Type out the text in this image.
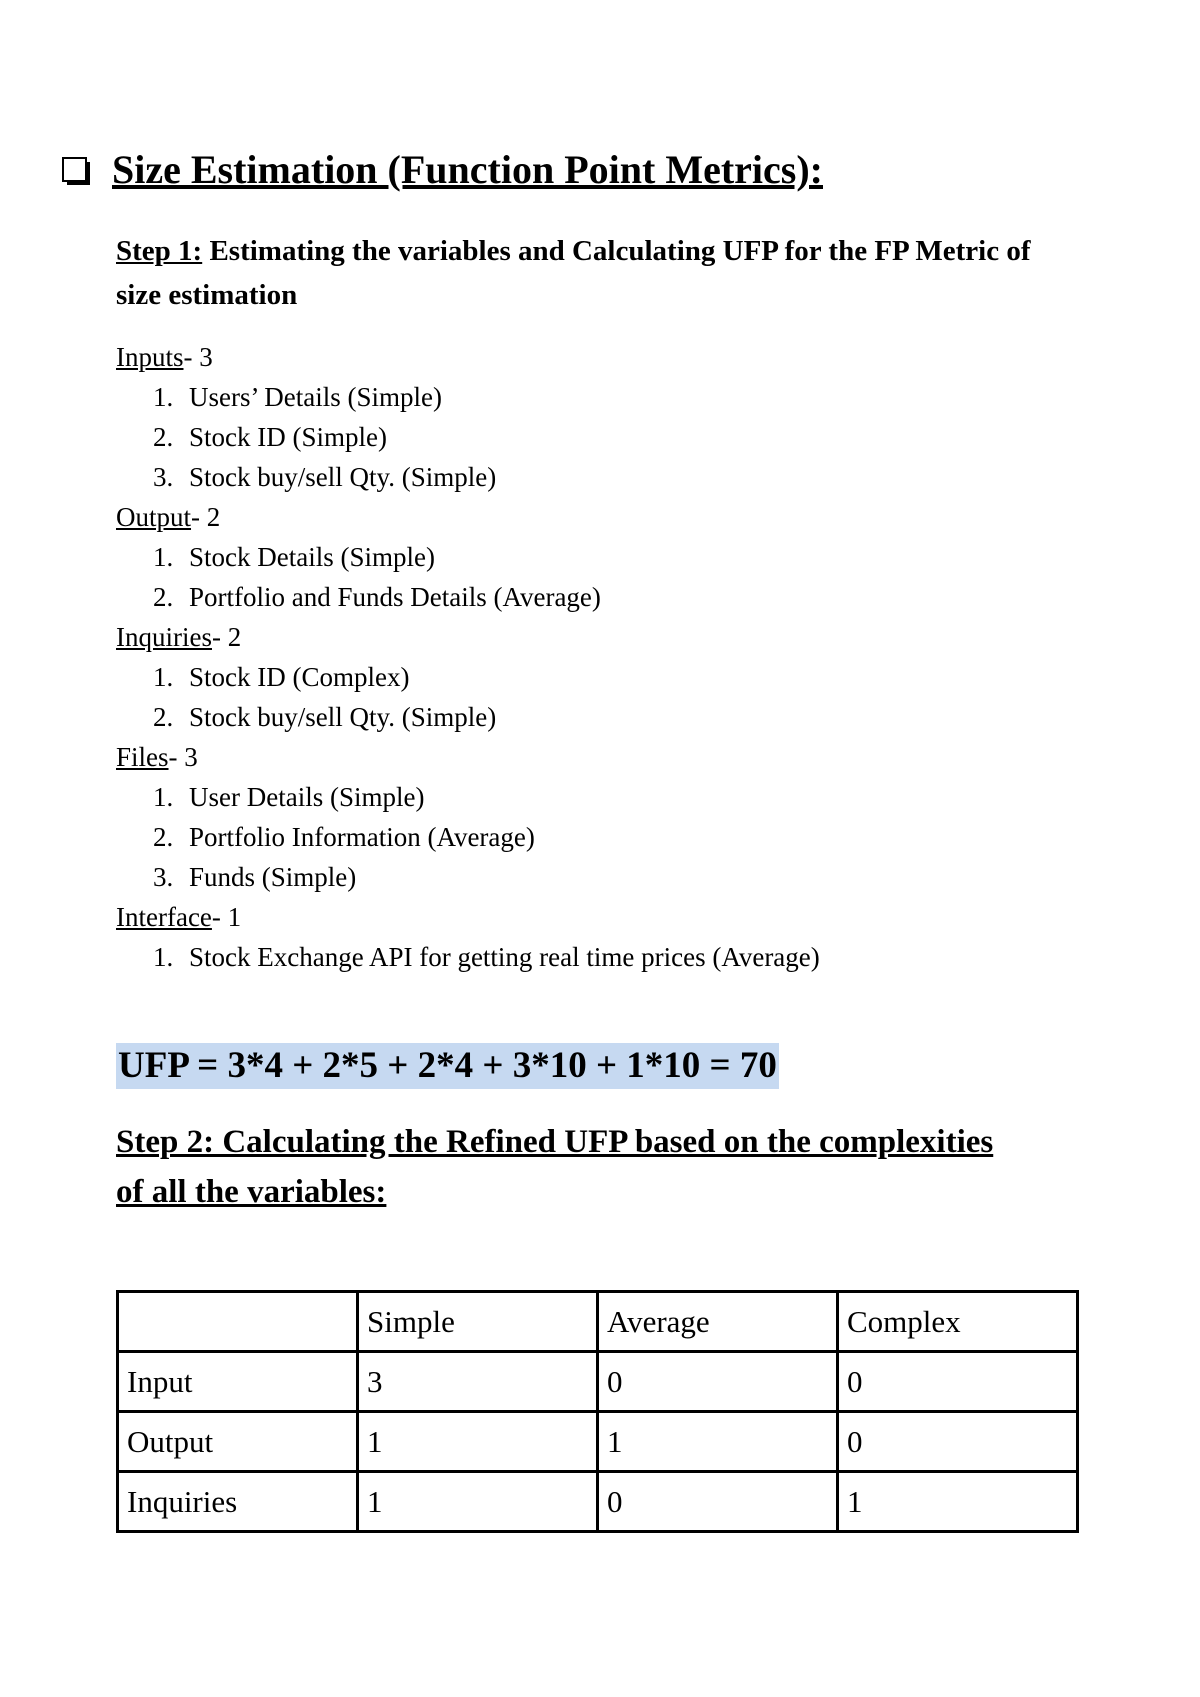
Size Estimation (Function Point Metrics):
Step 1: Estimating the variables and Calculating UFP for the FP Metric of size estimation
Inputs- 3
1. Users’ Details (Simple)
2. Stock ID (Simple)
3. Stock buy/sell Qty. (Simple)
Output- 2
1. Stock Details (Simple)
2. Portfolio and Funds Details (Average)
Inquiries- 2
1. Stock ID (Complex)
2. Stock buy/sell Qty. (Simple)
Files- 3
1. User Details (Simple)
2. Portfolio Information (Average)
3. Funds (Simple)
Interface- 1
1. Stock Exchange API for getting real time prices (Average)
UFP = 3*4 + 2*5 + 2*4 + 3*10 + 1*10 = 70
Step 2: Calculating the Refined UFP based on the complexities of all the variables:
	Simple	Average	Complex
Input	3	0	0
Output	1	1	0
Inquiries	1	0	1
